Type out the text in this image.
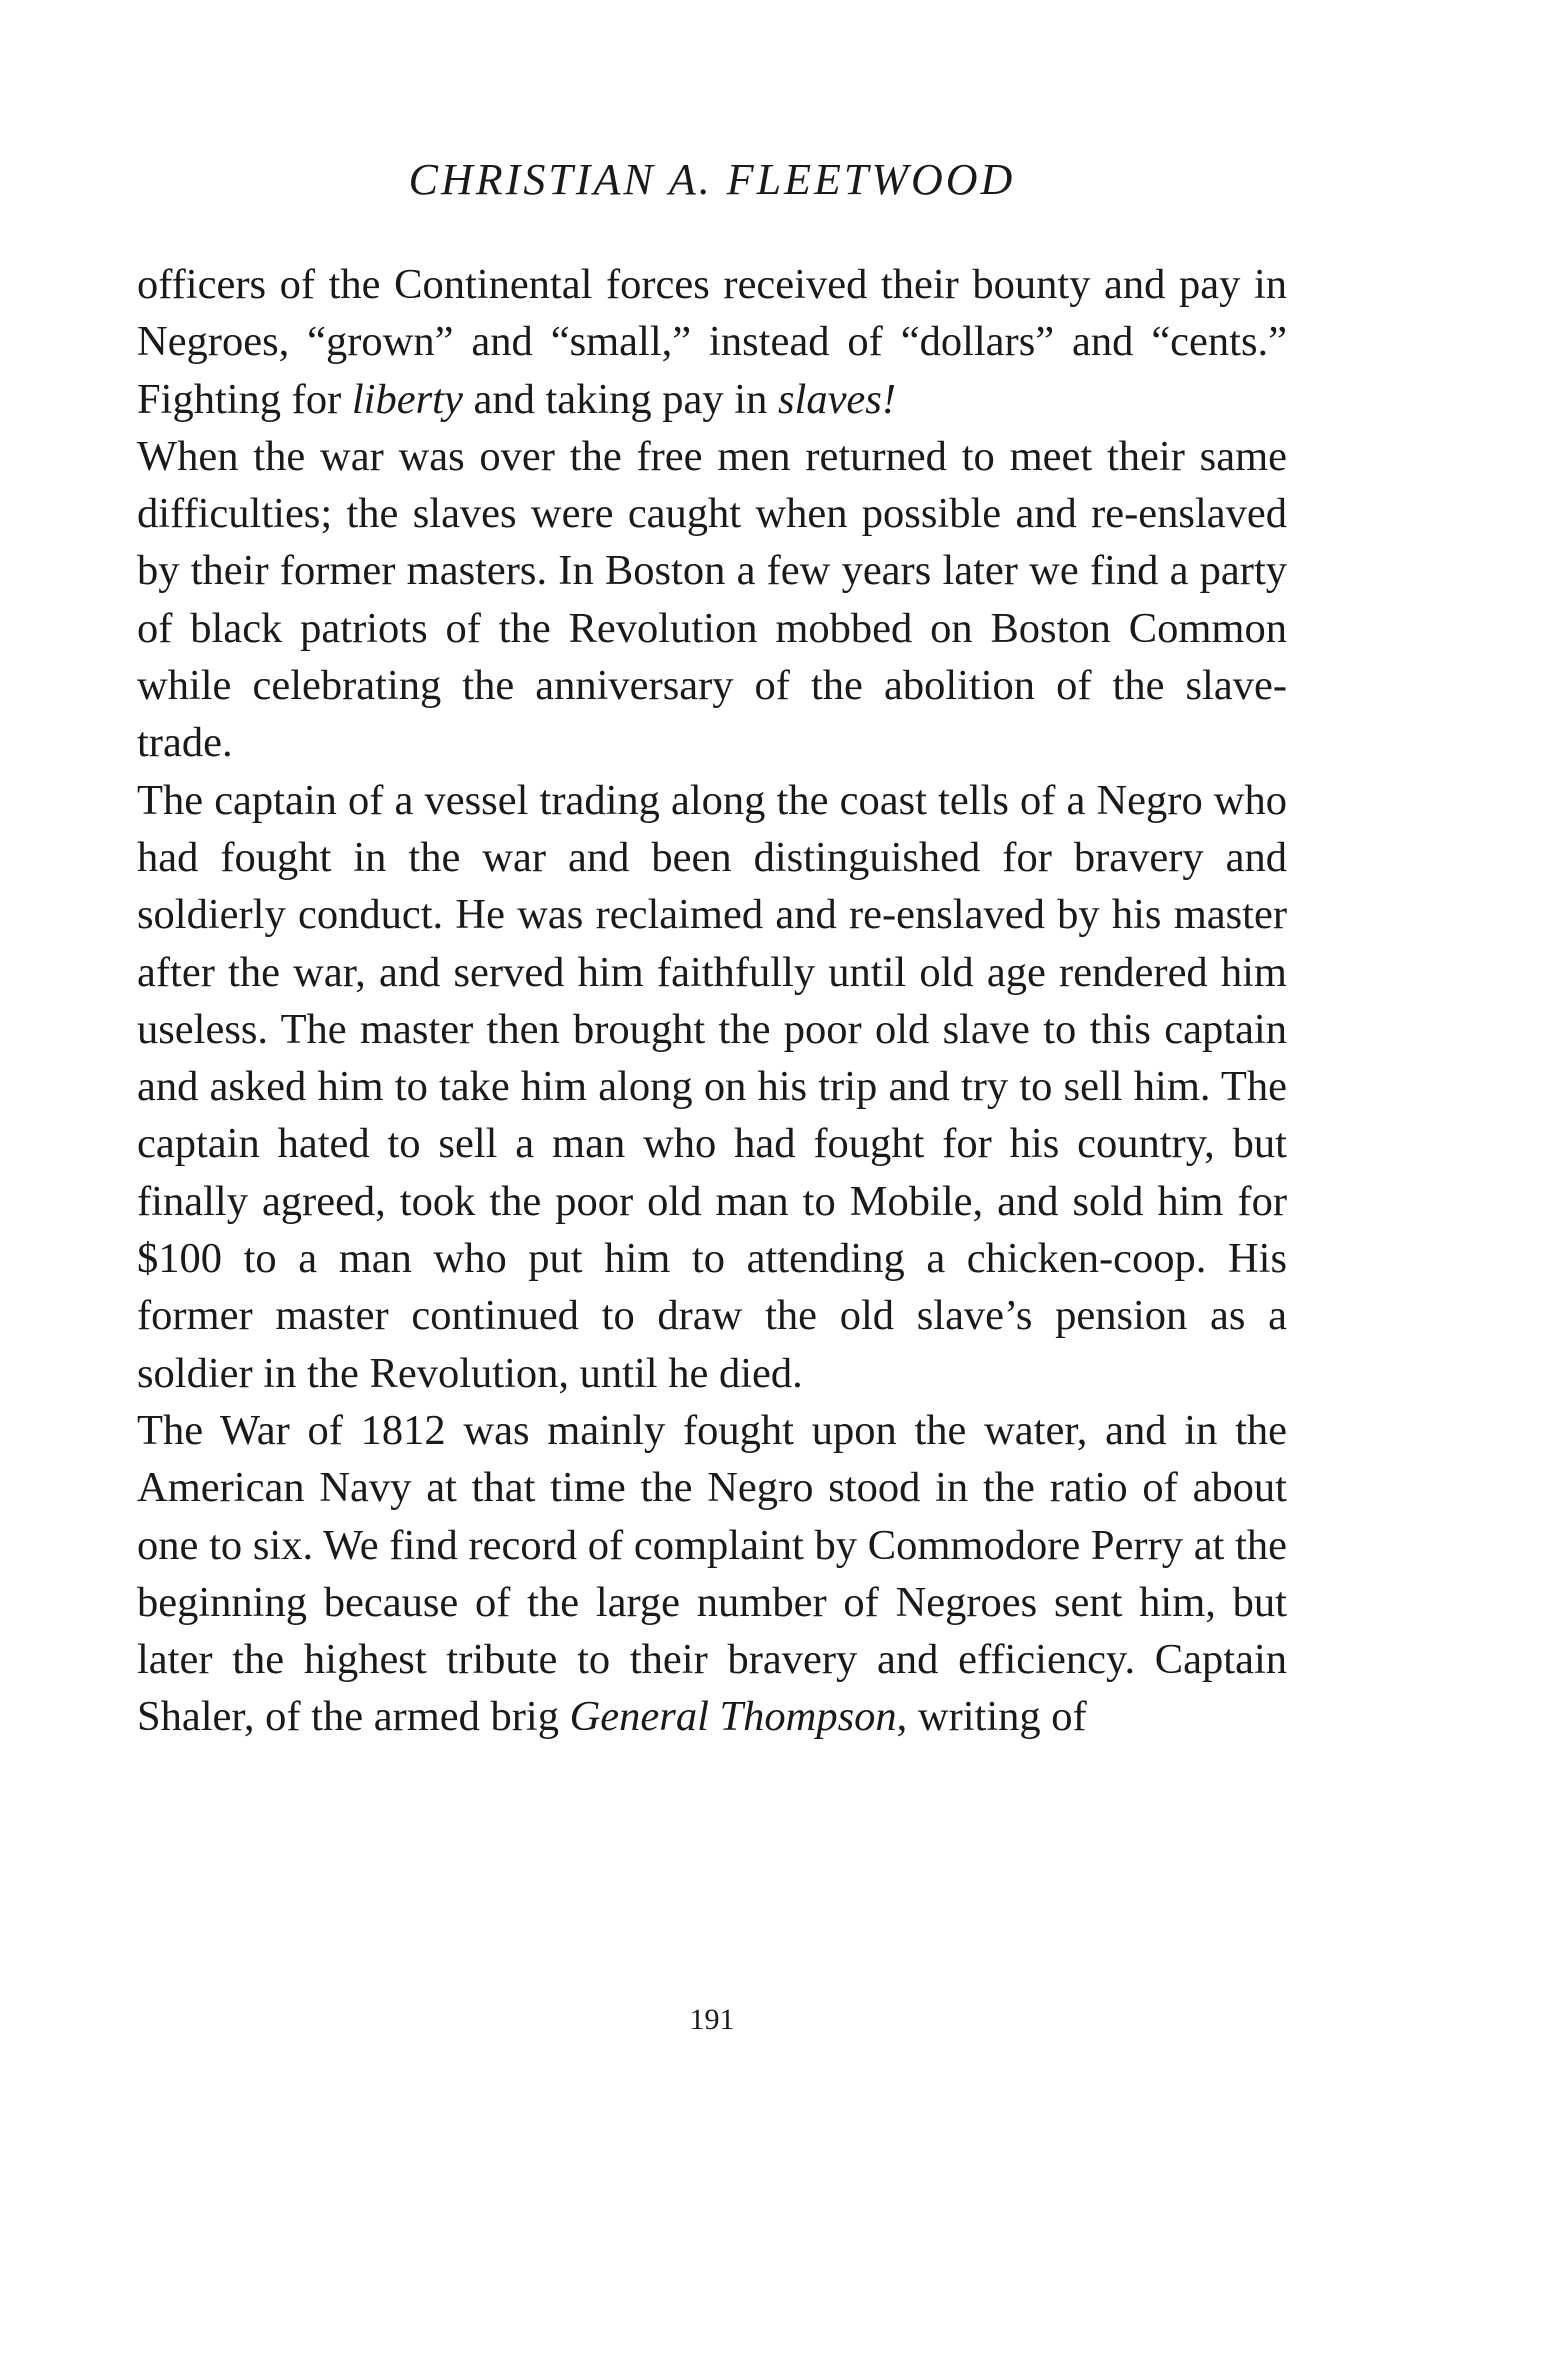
CHRISTIAN A. FLEETWOOD

officers of the Continental forces received their bounty and pay in Negroes, “grown” and “small,” instead of “dollars” and “cents.” Fighting for liberty and taking pay in slaves!

When the war was over the free men returned to meet their same difficulties; the slaves were caught when possible and re-enslaved by their former masters. In Boston a few years later we find a party of black patriots of the Revolution mobbed on Boston Common while celebrating the anniversary of the abolition of the slave-trade.

The captain of a vessel trading along the coast tells of a Negro who had fought in the war and been distinguished for bravery and soldierly conduct. He was reclaimed and re-enslaved by his master after the war, and served him faithfully until old age rendered him useless. The master then brought the poor old slave to this captain and asked him to take him along on his trip and try to sell him. The captain hated to sell a man who had fought for his country, but finally agreed, took the poor old man to Mobile, and sold him for $100 to a man who put him to attending a chicken-coop. His former master continued to draw the old slave’s pension as a soldier in the Revolution, until he died.

The War of 1812 was mainly fought upon the water, and in the American Navy at that time the Negro stood in the ratio of about one to six. We find record of complaint by Commodore Perry at the beginning because of the large number of Negroes sent him, but later the highest tribute to their bravery and efficiency. Captain Shaler, of the armed brig General Thompson, writing of

191
